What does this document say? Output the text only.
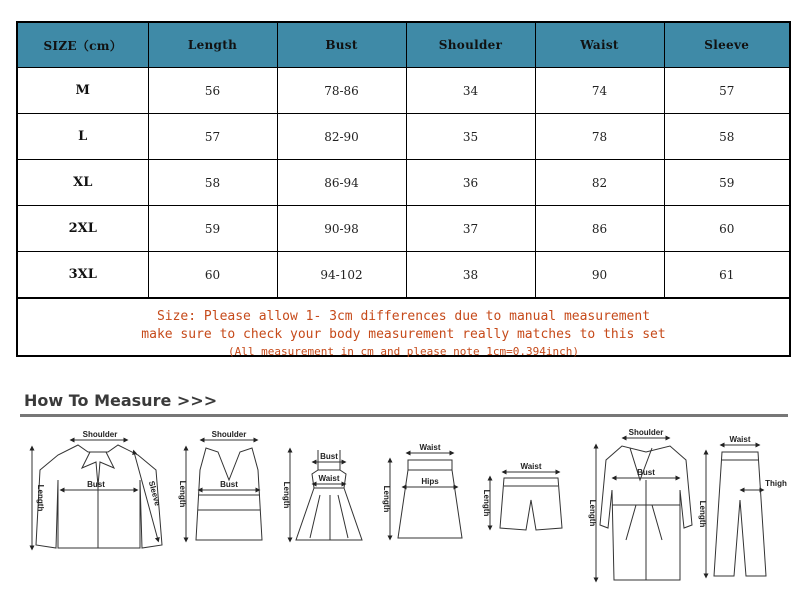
SIZE（cm）	Length	Bust	Shoulder	Waist	Sleeve
M	56	78-86	34	74	57
L	57	82-90	35	78	58
XL	58	86-94	36	82	59
2XL	59	90-98	37	86	60
3XL	60	94-102	38	90	61
Size: Please allow 1- 3cm differences due to manual measurement
make sure to check your body measurement really matches to this set
(All measurement in cm and please note 1cm=0.394inch)
How To Measure >>>
Shoulder
Bust
Length	Sleeve
Shoulder
Bust
Length
Bust
Waist
Length
Waist
Hips
Length
Waist
Length
Shoulder
Bust
Length
Waist
Thigh
Length
